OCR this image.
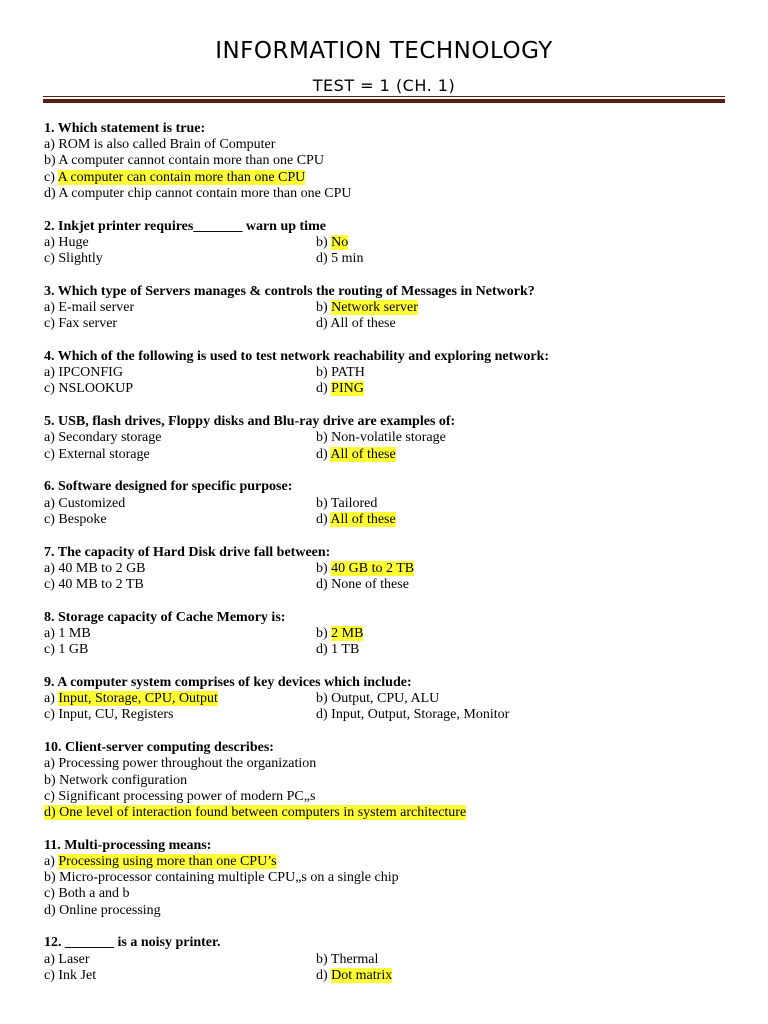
INFORMATION TECHNOLOGY
TEST = 1 (CH. 1)
1. Which statement is true:
a) ROM is also called Brain of Computer
b) A computer cannot contain more than one CPU
c) A computer can contain more than one CPU
d) A computer chip cannot contain more than one CPU
2. Inkjet printer requires_______ warn up time
a) Huge	b) No
c) Slightly	d) 5 min
3. Which type of Servers manages & controls the routing of Messages in Network?
a) E-mail server	b) Network server
c) Fax server	d) All of these
4. Which of the following is used to test network reachability and exploring network:
a) IPCONFIG	b) PATH
c) NSLOOKUP	d) PING
5. USB, flash drives, Floppy disks and Blu-ray drive are examples of:
a) Secondary storage	b) Non-volatile storage
c) External storage	d) All of these
6. Software designed for specific purpose:
a) Customized	b) Tailored
c) Bespoke	d) All of these
7. The capacity of Hard Disk drive fall between:
a) 40 MB to 2 GB	b) 40 GB to 2 TB
c) 40 MB to 2 TB	d) None of these
8. Storage capacity of Cache Memory is:
a) 1 MB	b) 2 MB
c) 1 GB	d) 1 TB
9. A computer system comprises of key devices which include:
a) Input, Storage, CPU, Output	b) Output, CPU, ALU
c) Input, CU, Registers	d) Input, Output, Storage, Monitor
10. Client-server computing describes:
a) Processing power throughout the organization
b) Network configuration
c) Significant processing power of modern PC„s
d) One level of interaction found between computers in system architecture
11. Multi-processing means:
a) Processing using more than one CPU’s
b) Micro-processor containing multiple CPU„s on a single chip
c) Both a and b
d) Online processing
12. _______ is a noisy printer.
a) Laser	b) Thermal
c) Ink Jet	d) Dot matrix
